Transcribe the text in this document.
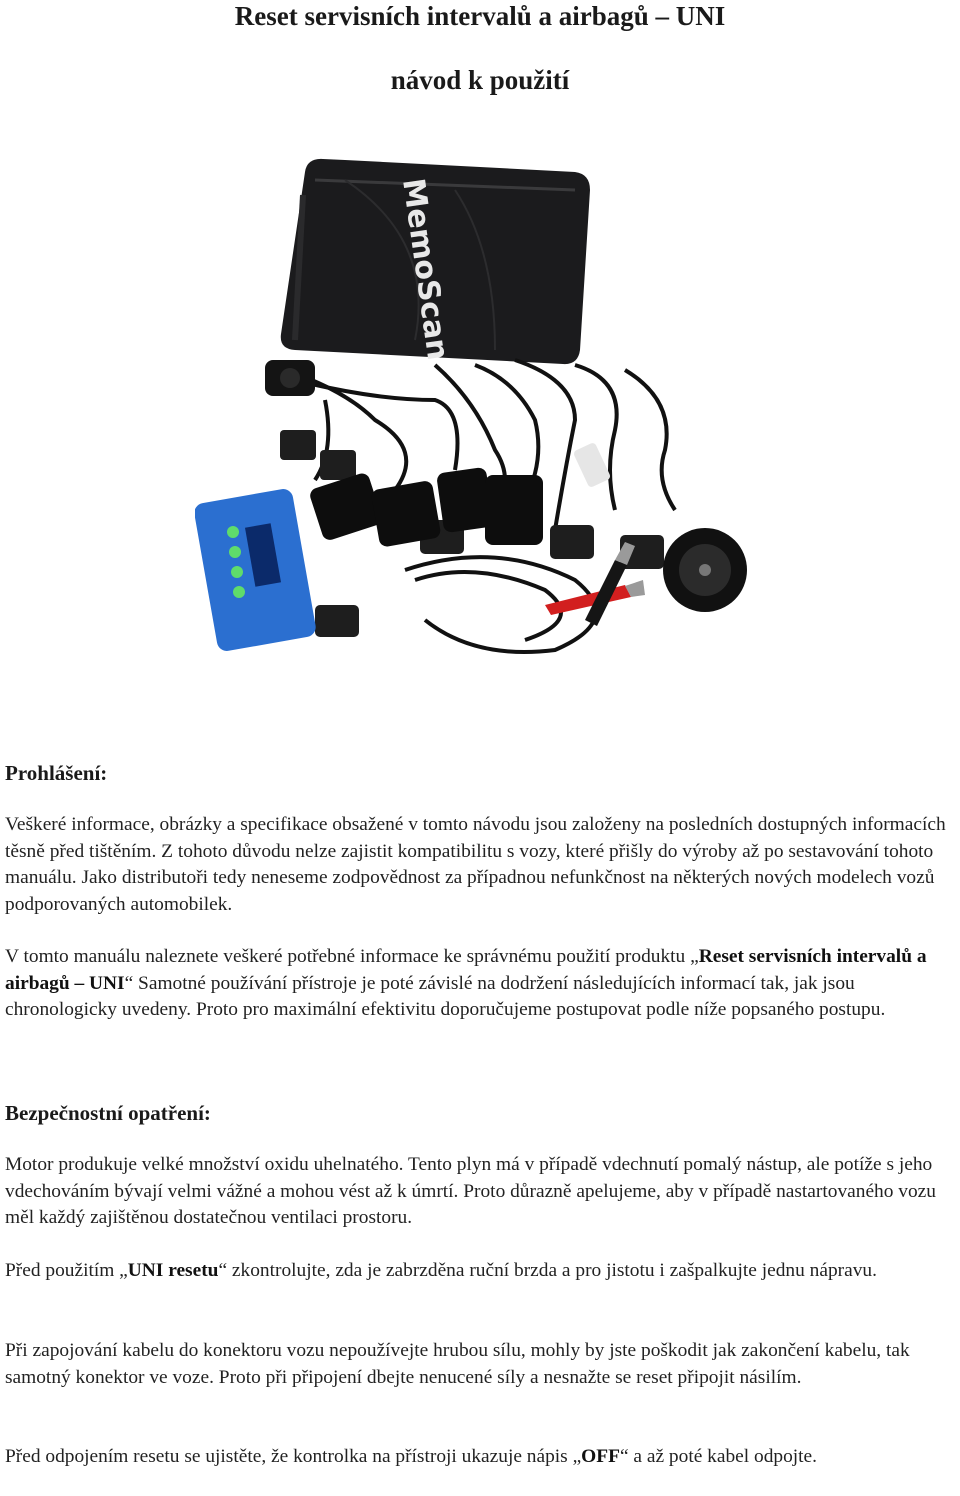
Reset servisních intervalů a airbagů – UNI
návod k použití
MemoScan
Prohlášení:

Veškeré informace, obrázky a specifikace obsažené v tomto návodu jsou založeny na posledních dostupných informacích těsně před tištěním. Z tohoto důvodu nelze zajistit kompatibilitu s vozy, které přišly do výroby až po sestavování tohoto manuálu. Jako distributoři tedy neneseme zodpovědnost za případnou nefunkčnost na některých nových modelech vozů podporovaných automobilek.

V tomto manuálu naleznete veškeré potřebné informace ke správnému použití produktu „Reset servisních intervalů a airbagů – UNI“ Samotné používání přístroje je poté závislé na dodržení následujících informací tak, jak jsou chronologicky uvedeny. Proto pro maximální efektivitu doporučujeme postupovat podle níže popsaného postupu.

Bezpečnostní opatření:

Motor produkuje velké množství oxidu uhelnatého. Tento plyn má v případě vdechnutí pomalý nástup, ale potíže s jeho vdechováním bývají velmi vážné a mohou vést až k úmrtí. Proto důrazně apelujeme, aby v případě nastartovaného vozu měl každý zajištěnou dostatečnou ventilaci prostoru.

Před použitím „UNI resetu“ zkontrolujte, zda je zabrzděna ruční brzda a pro jistotu i zašpalkujte jednu nápravu.

Při zapojování kabelu do konektoru vozu nepoužívejte hrubou sílu, mohly by jste poškodit jak zakončení kabelu, tak samotný konektor ve voze. Proto při připojení dbejte nenucené síly a nesnažte se reset připojit násilím.

Před odpojením resetu se ujistěte, že kontrolka na přístroji ukazuje nápis „OFF“ a až poté kabel odpojte.
